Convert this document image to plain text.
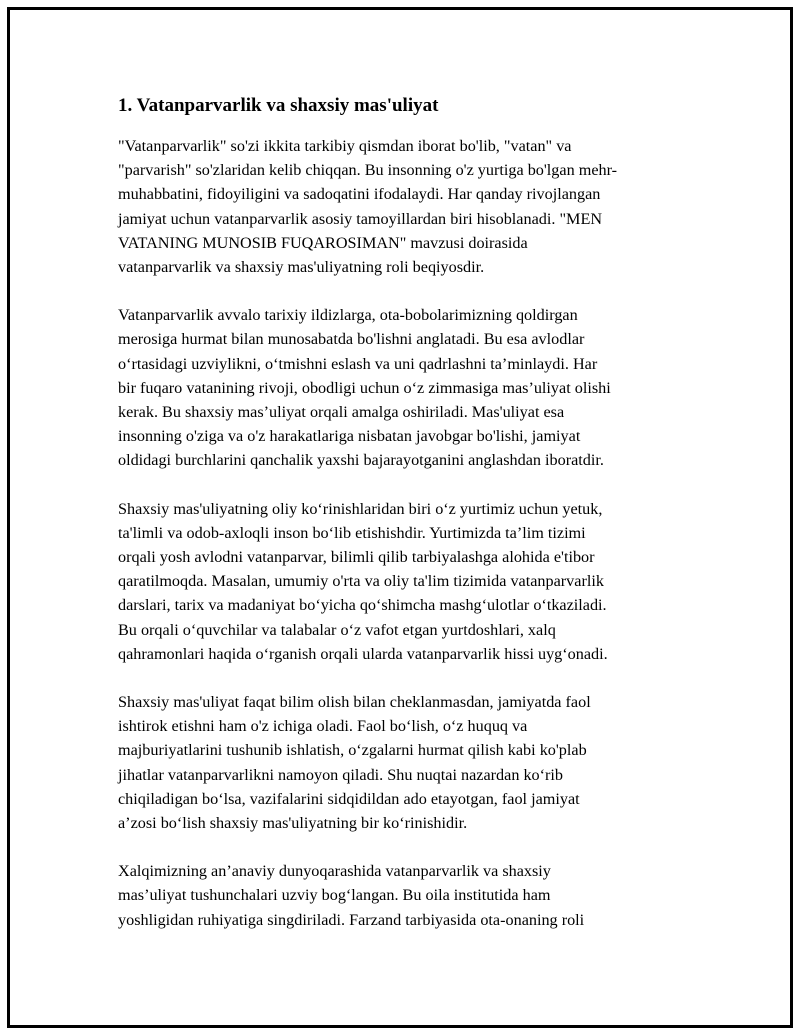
1. Vatanparvarlik va shaxsiy mas'uliyat

"Vatanparvarlik" so'zi ikkita tarkibiy qismdan iborat bo'lib, "vatan" va
"parvarish" so'zlaridan kelib chiqqan. Bu insonning o'z yurtiga bo'lgan mehr-
muhabbatini, fidoyiligini va sadoqatini ifodalaydi. Har qanday rivojlangan
jamiyat uchun vatanparvarlik asosiy tamoyillardan biri hisoblanadi. "MEN
VATANING MUNOSIB FUQAROSIMAN" mavzusi doirasida
vatanparvarlik va shaxsiy mas'uliyatning roli beqiyosdir.

Vatanparvarlik avvalo tarixiy ildizlarga, ota-bobolarimizning qoldirgan
merosiga hurmat bilan munosabatda bo'lishni anglatadi. Bu esa avlodlar
o‘rtasidagi uzviylikni, o‘tmishni eslash va uni qadrlashni ta’minlaydi. Har
bir fuqaro vatanining rivoji, obodligi uchun o‘z zimmasiga mas’uliyat olishi
kerak. Bu shaxsiy mas’uliyat orqali amalga oshiriladi. Mas'uliyat esa
insonning o'ziga va o'z harakatlariga nisbatan javobgar bo'lishi, jamiyat
oldidagi burchlarini qanchalik yaxshi bajarayotganini anglashdan iboratdir.

Shaxsiy mas'uliyatning oliy ko‘rinishlaridan biri o‘z yurtimiz uchun yetuk,
ta'limli va odob-axloqli inson bo‘lib etishishdir. Yurtimizda ta’lim tizimi
orqali yosh avlodni vatanparvar, bilimli qilib tarbiyalashga alohida e'tibor
qaratilmoqda. Masalan, umumiy o'rta va oliy ta'lim tizimida vatanparvarlik
darslari, tarix va madaniyat bo‘yicha qo‘shimcha mashg‘ulotlar o‘tkaziladi.
Bu orqali o‘quvchilar va talabalar o‘z vafot etgan yurtdoshlari, xalq
qahramonlari haqida o‘rganish orqali ularda vatanparvarlik hissi uyg‘onadi.

Shaxsiy mas'uliyat faqat bilim olish bilan cheklanmasdan, jamiyatda faol
ishtirok etishni ham o'z ichiga oladi. Faol bo‘lish, o‘z huquq va
majburiyatlarini tushunib ishlatish, o‘zgalarni hurmat qilish kabi ko'plab
jihatlar vatanparvarlikni namoyon qiladi. Shu nuqtai nazardan ko‘rib
chiqiladigan bo‘lsa, vazifalarini sidqidildan ado etayotgan, faol jamiyat
a’zosi bo‘lish shaxsiy mas'uliyatning bir ko‘rinishidir.

Xalqimizning an’anaviy dunyoqarashida vatanparvarlik va shaxsiy
mas’uliyat tushunchalari uzviy bog‘langan. Bu oila institutida ham
yoshligidan ruhiyatiga singdiriladi. Farzand tarbiyasida ota-onaning roli
